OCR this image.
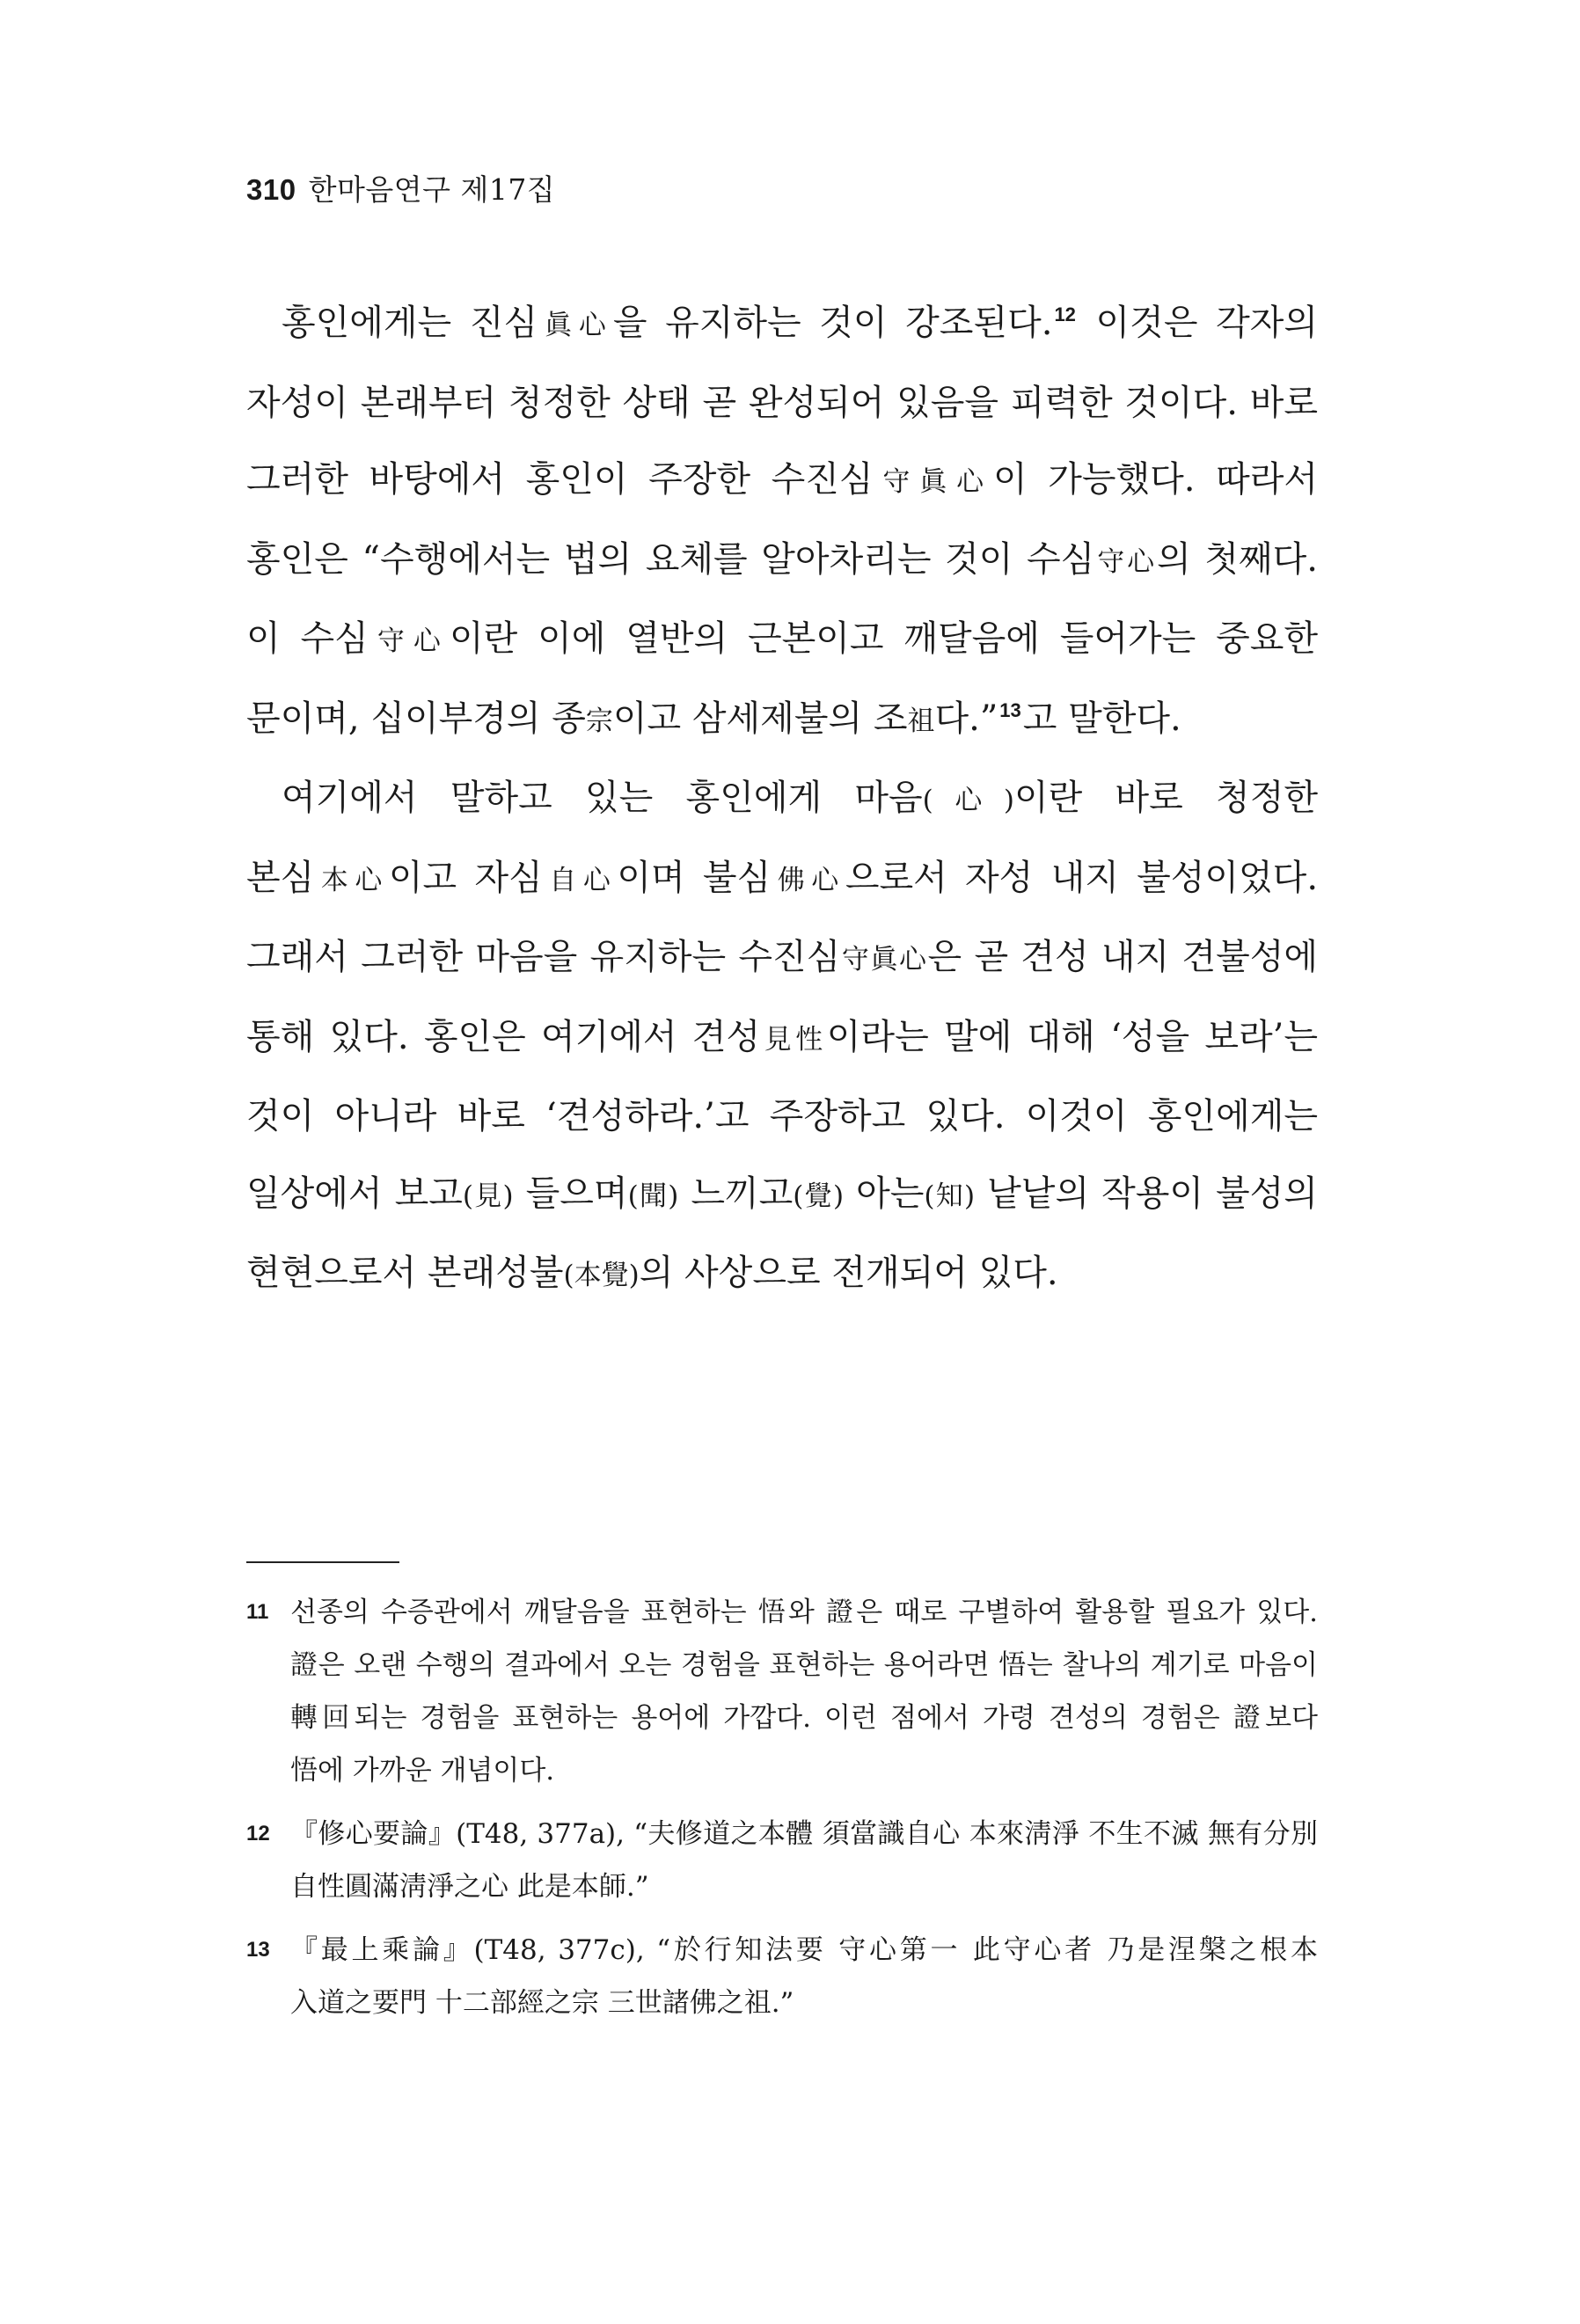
310 한마음연구 제17집

홍인에게는 진심眞心을 유지하는 것이 강조된다.$^{12}$ 이것은 각자의 자성이 본래부터 청정한 상태 곧 완성되어 있음을 피력한 것이다. 바로 그러한 바탕에서 홍인이 주장한 수진심守眞心이 가능했다. 따라서 홍인은 “수행에서는 법의 요체를 알아차리는 것이 수심守心의 첫째다. 이 수심守心이란 이에 열반의 근본이고 깨달음에 들어가는 중요한 문이며, 십이부경의 종宗이고 삼세제불의 조祖다.”$^{13}$고 말한다.

여기에서 말하고 있는 홍인에게 마음(心)이란 바로 청정한 본심本心이고 자심自心이며 불심佛心으로서 자성 내지 불성이었다. 그래서 그러한 마음을 유지하는 수진심守眞心은 곧 견성 내지 견불성에 통해 있다. 홍인은 여기에서 견성見性이라는 말에 대해 ‘성을 보라’는 것이 아니라 바로 ‘견성하라.’고 주장하고 있다. 이것이 홍인에게는 일상에서 보고(見) 들으며(聞) 느끼고(覺) 아는(知) 낱낱의 작용이 불성의 현현으로서 본래성불(本覺)의 사상으로 전개되어 있다.

11 선종의 수증관에서 깨달음을 표현하는 悟와 證은 때로 구별하여 활용할 필요가 있다. 證은 오랜 수행의 결과에서 오는 경험을 표현하는 용어라면 悟는 찰나의 계기로 마음이 轉回되는 경험을 표현하는 용어에 가깝다. 이런 점에서 가령 견성의 경험은 證보다 悟에 가까운 개념이다.
12 『修心要論』(T48, 377a), “夫修道之本體 須當識自心 本來淸淨 不生不滅 無有分別 自性圓滿淸淨之心 此是本師.”
13 『最上乘論』(T48, 377c), “於行知法要 守心第一 此守心者 乃是涅槃之根本 入道之要門 十二部經之宗 三世諸佛之祖.”
